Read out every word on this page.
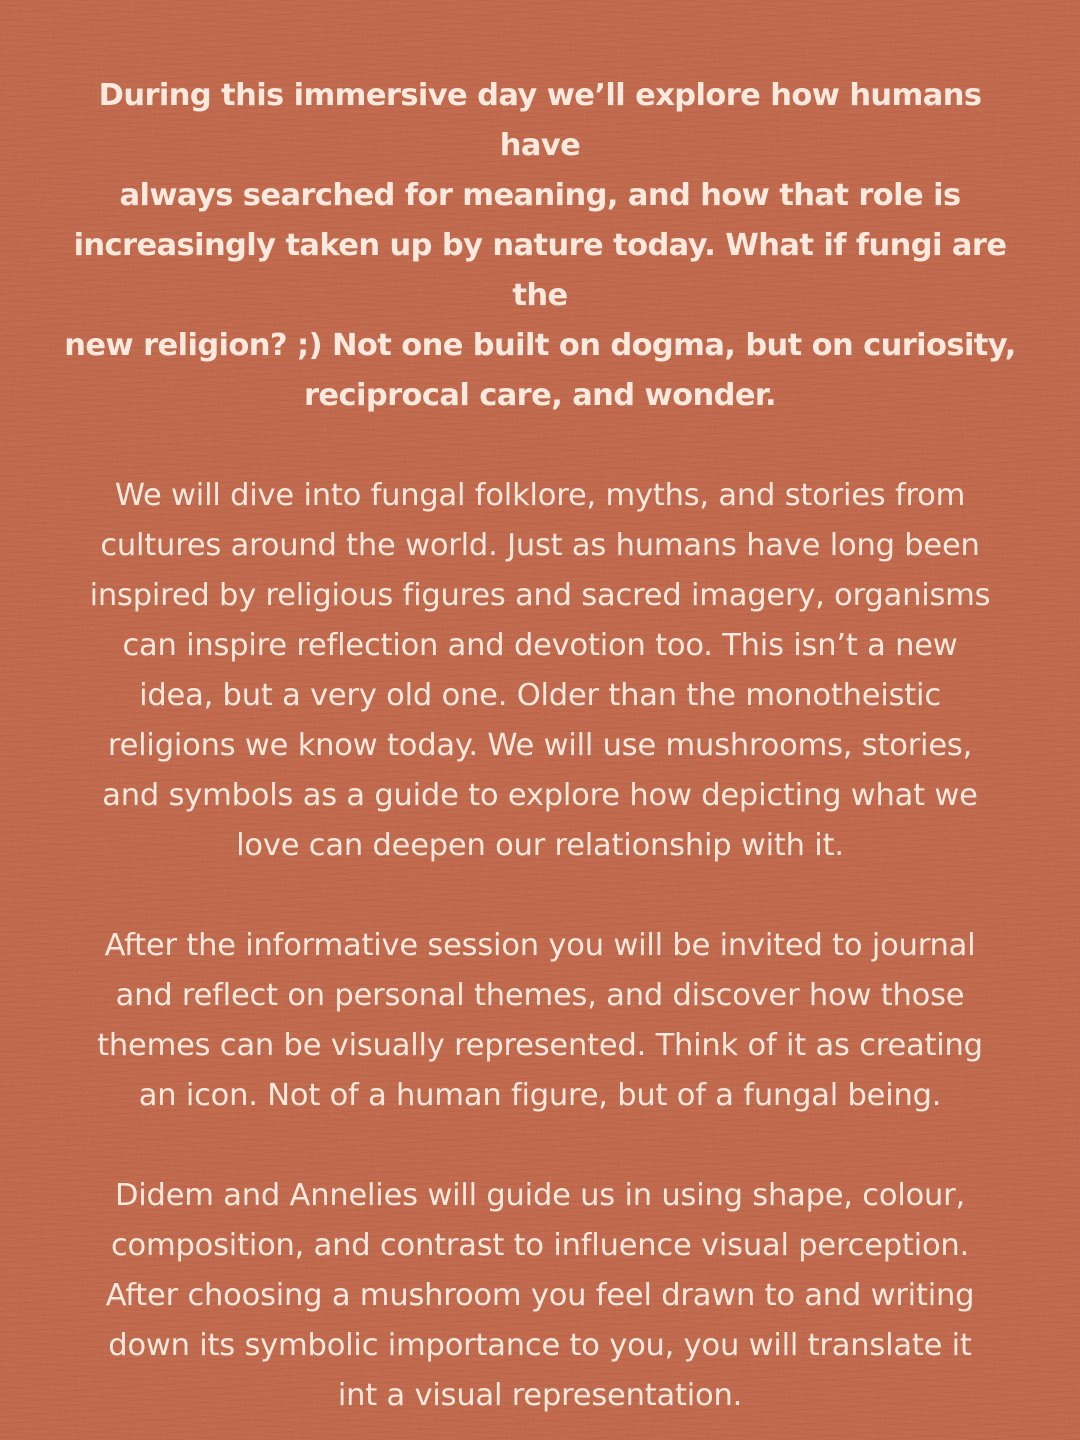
During this immersive day we’ll explore how humans have
always searched for meaning, and how that role is
increasingly taken up by nature today. What if fungi are the
new religion? ;) Not one built on dogma, but on curiosity,
reciprocal care, and wonder.

We will dive into fungal folklore, myths, and stories from
cultures around the world. Just as humans have long been
inspired by religious figures and sacred imagery, organisms
can inspire reflection and devotion too. This isn’t a new
idea, but a very old one. Older than the monotheistic
religions we know today. We will use mushrooms, stories,
and symbols as a guide to explore how depicting what we
love can deepen our relationship with it.

After the informative session you will be invited to journal
and reflect on personal themes, and discover how those
themes can be visually represented. Think of it as creating
an icon. Not of a human figure, but of a fungal being.

Didem and Annelies will guide us in using shape, colour,
composition, and contrast to influence visual perception.
After choosing a mushroom you feel drawn to and writing
down its symbolic importance to you, you will translate it
int a visual representation.
